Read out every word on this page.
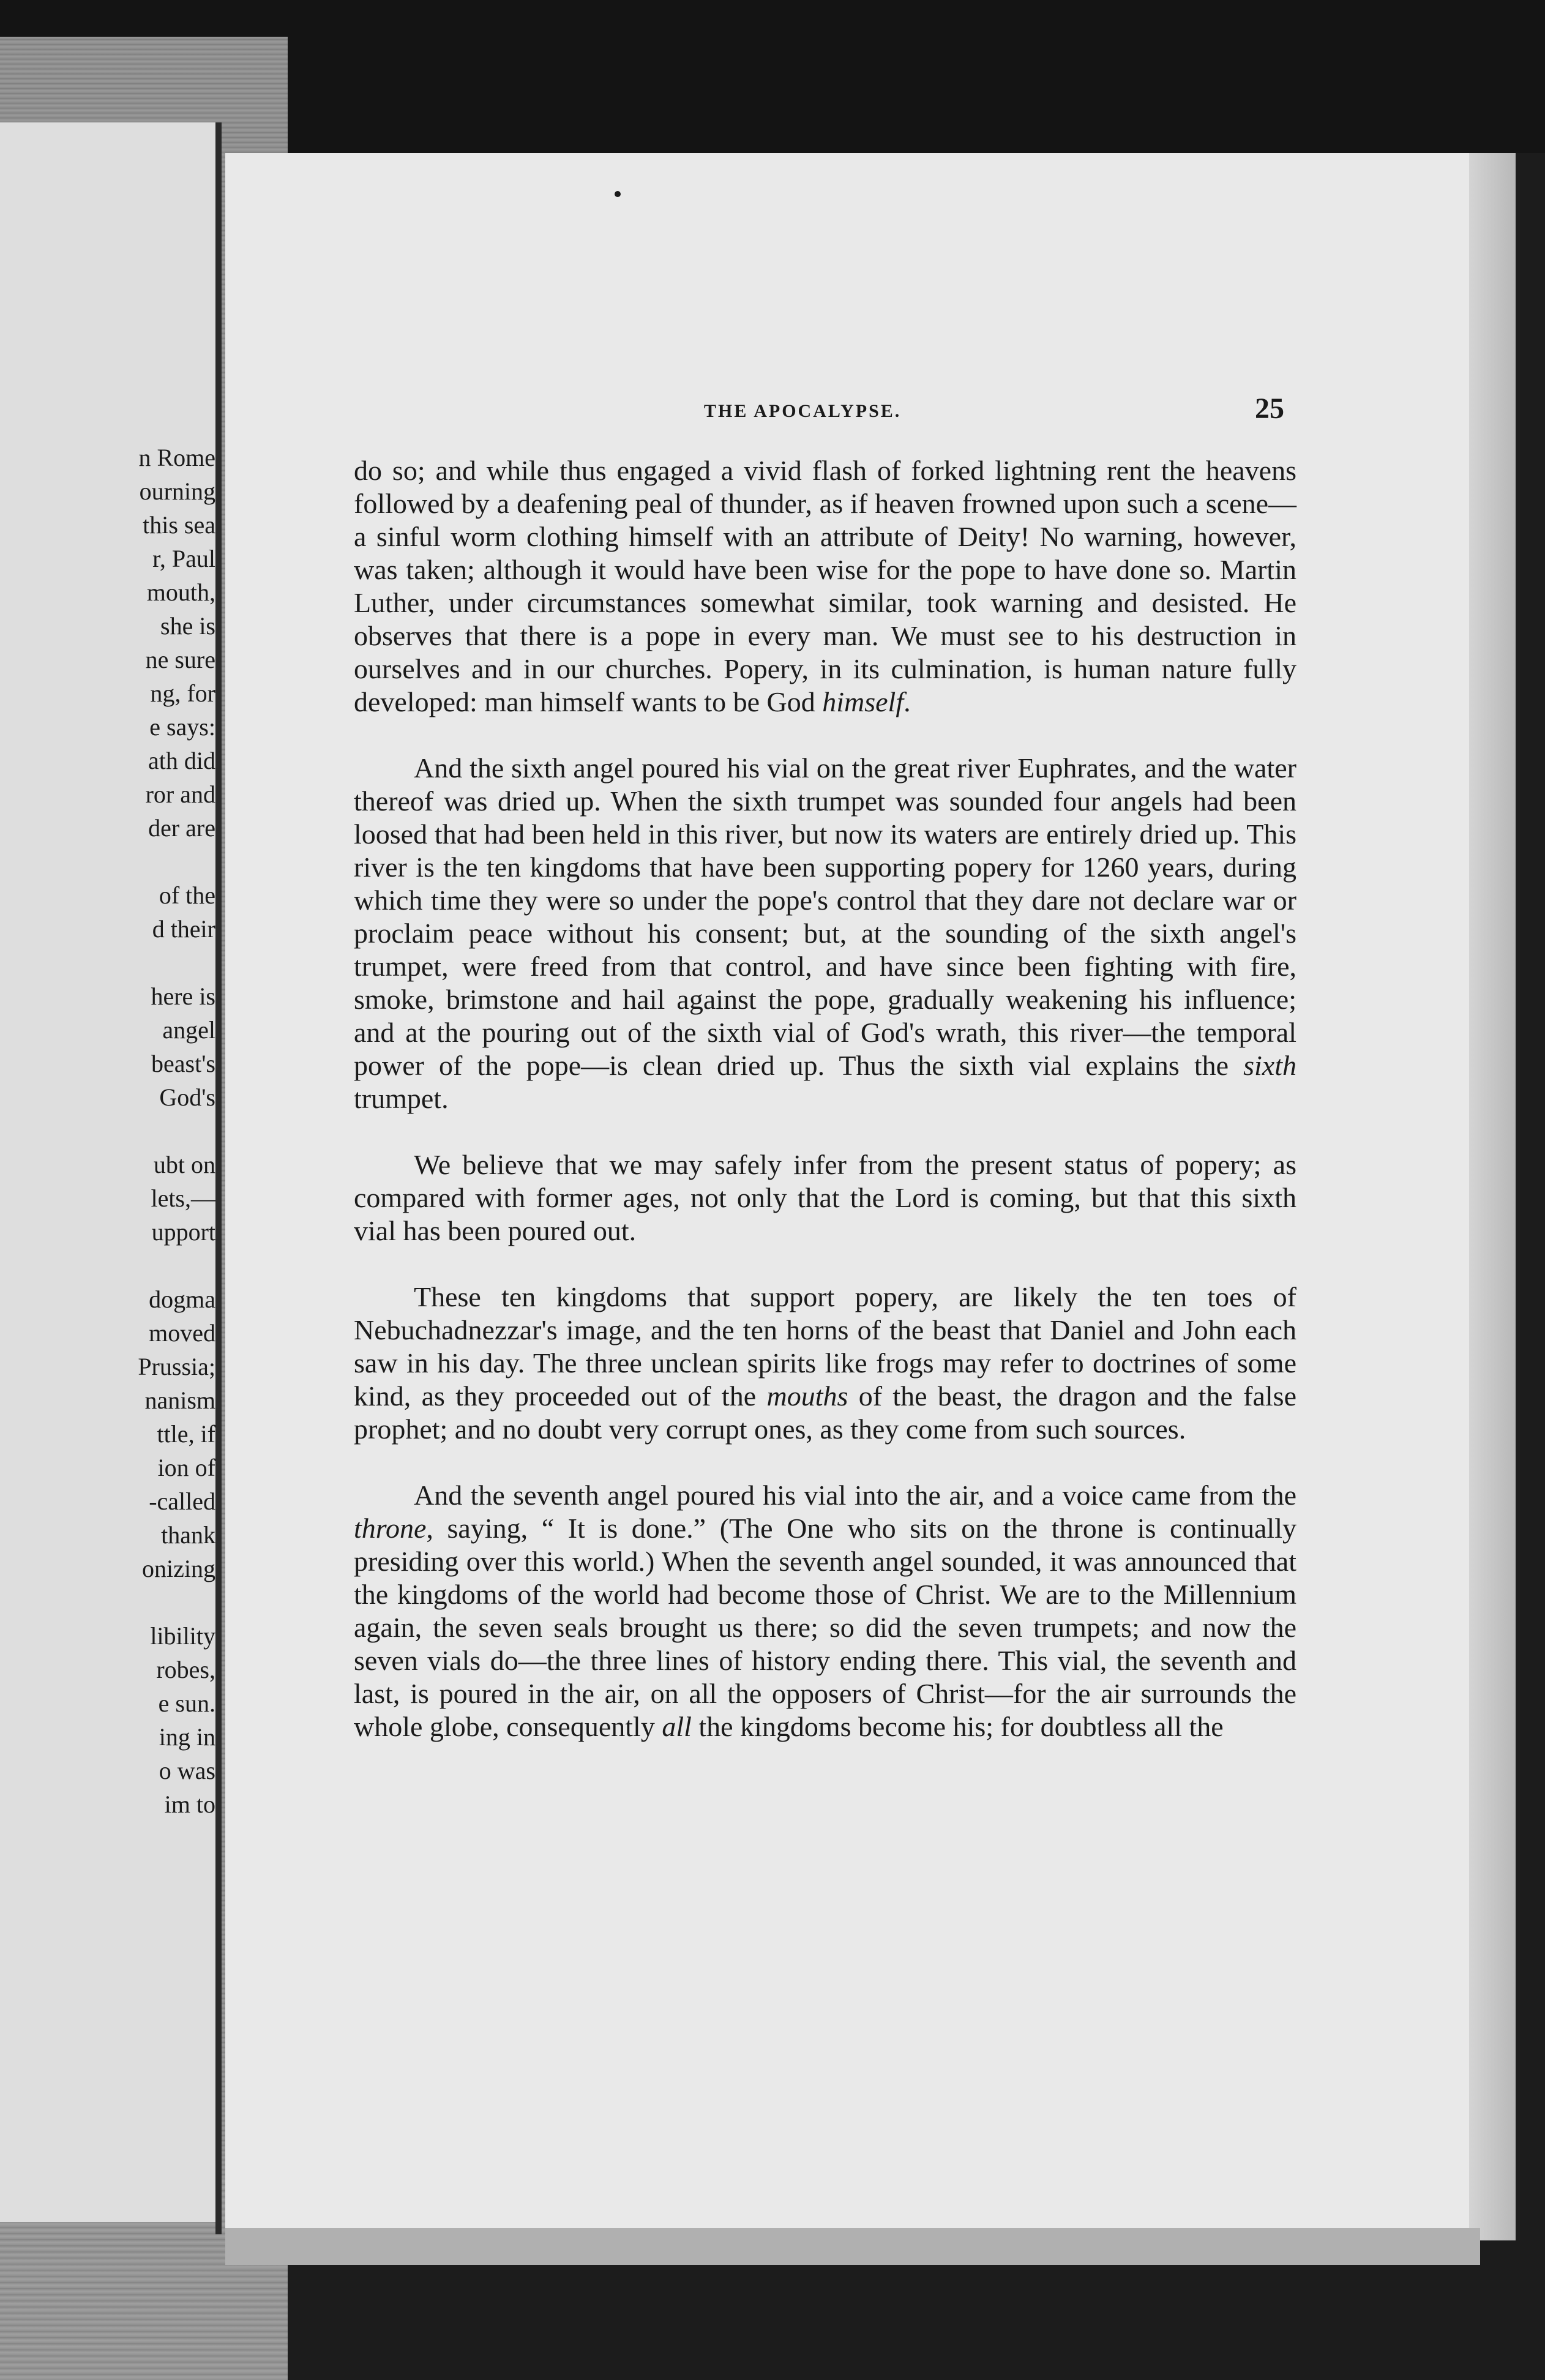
n Rome
ourning
this sea
r, Paul
mouth,
she is
ne sure
ng, for
e says:
ath did
ror and
der are

of the
d their

here is
angel
beast's
God's

ubt on
lets,—
upport

dogma
moved
Prussia;
nanism
ttle, if
ion of
-called
thank
onizing

libility
robes,
e sun.
ing in
o was
im to
THE APOCALYPSE.	25

do so; and while thus engaged a vivid flash of forked lightning rent the heavens followed by a deafening peal of thunder, as if heaven frowned upon such a scene—a sinful worm clothing himself with an attribute of Deity! No warning, however, was taken; although it would have been wise for the pope to have done so. Martin Luther, under circumstances somewhat similar, took warning and desisted. He observes that there is a pope in every man. We must see to his destruction in ourselves and in our churches. Popery, in its culmination, is human nature fully developed: man himself wants to be God himself.

And the sixth angel poured his vial on the great river Euphrates, and the water thereof was dried up. When the sixth trumpet was sounded four angels had been loosed that had been held in this river, but now its waters are entirely dried up. This river is the ten kingdoms that have been supporting popery for 1260 years, during which time they were so under the pope's control that they dare not declare war or proclaim peace without his consent; but, at the sounding of the sixth angel's trumpet, were freed from that control, and have since been fighting with fire, smoke, brimstone and hail against the pope, gradually weakening his influence; and at the pouring out of the sixth vial of God's wrath, this river—the temporal power of the pope—is clean dried up. Thus the sixth vial explains the sixth trumpet.

We believe that we may safely infer from the present status of popery; as compared with former ages, not only that the Lord is coming, but that this sixth vial has been poured out.

These ten kingdoms that support popery, are likely the ten toes of Nebuchadnezzar's image, and the ten horns of the beast that Daniel and John each saw in his day. The three unclean spirits like frogs may refer to doctrines of some kind, as they proceeded out of the mouths of the beast, the dragon and the false prophet; and no doubt very corrupt ones, as they come from such sources.

And the seventh angel poured his vial into the air, and a voice came from the throne, saying, “ It is done.” (The One who sits on the throne is continually presiding over this world.) When the seventh angel sounded, it was announced that the kingdoms of the world had become those of Christ. We are to the Millennium again, the seven seals brought us there; so did the seven trumpets; and now the seven vials do—the three lines of history ending there. This vial, the seventh and last, is poured in the air, on all the opposers of Christ—for the air surrounds the whole globe, consequently all the kingdoms become his; for doubtless all the
